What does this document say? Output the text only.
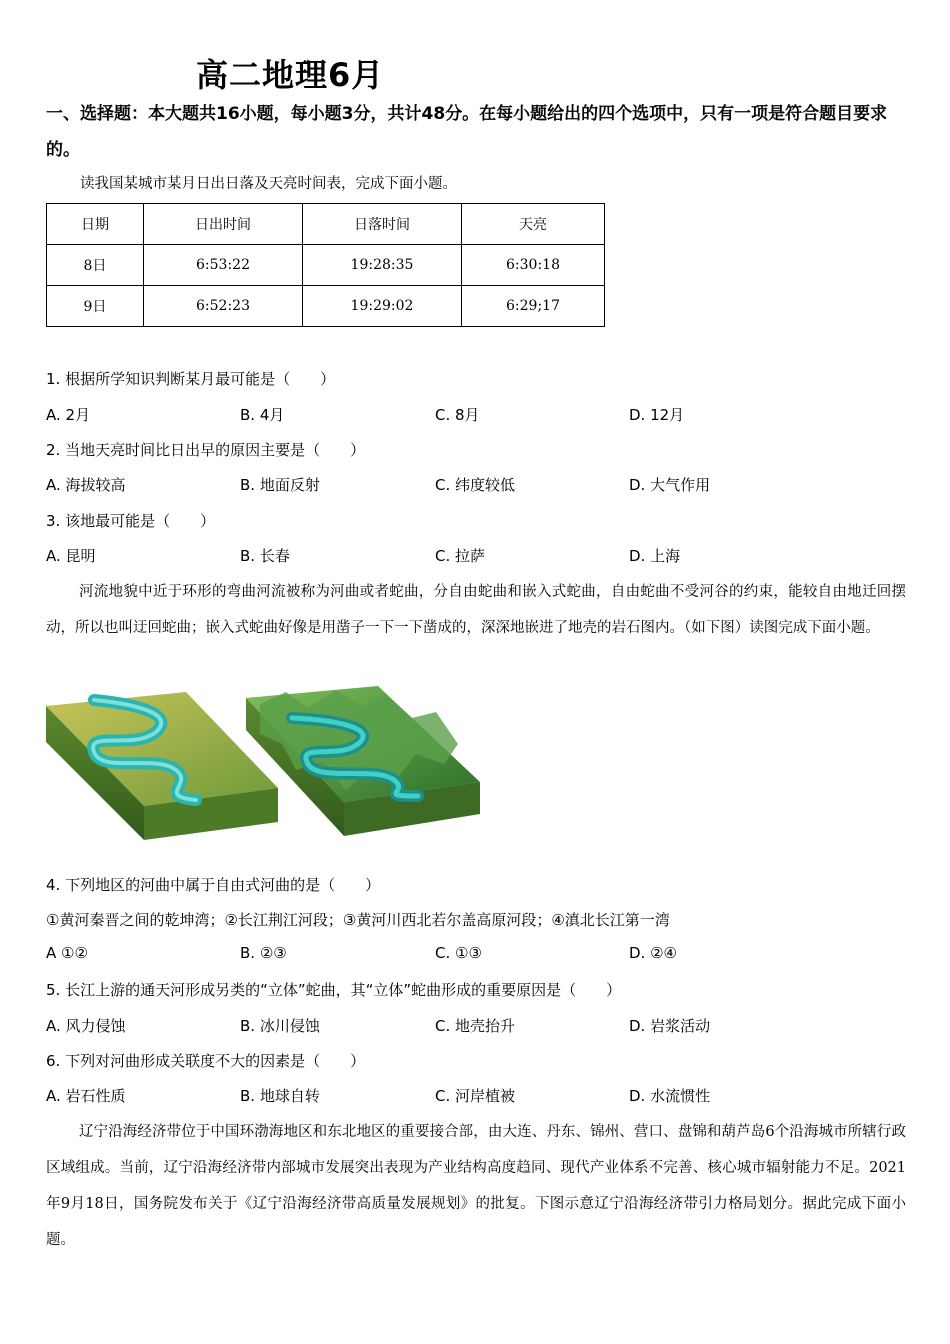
高二地理6月
一、选择题：本大题共16小题，每小题3分，共计48分。在每小题给出的四个选项中，只有一项是符合题目要求的。
读我国某城市某月日出日落及天亮时间表，完成下面小题。
日期	日出时间	日落时间	天亮
8日	6:53:22	19:28:35	6:30:18
9日	6:52:23	19:29:02	6:29;17
1. 根据所学知识判断某月最可能是（　　）
A. 2月	B. 4月	C. 8月	D. 12月
2. 当地天亮时间比日出早的原因主要是（　　）
A. 海拔较高	B. 地面反射	C. 纬度较低	D. 大气作用
3. 该地最可能是（　　）
A. 昆明	B. 长春	C. 拉萨	D. 上海
河流地貌中近于环形的弯曲河流被称为河曲或者蛇曲，分自由蛇曲和嵌入式蛇曲，自由蛇曲不受河谷的约束，能较自由地迁回摆动，所以也叫迂回蛇曲；嵌入式蛇曲好像是用凿子一下一下凿成的，深深地嵌进了地壳的岩石图内。（如下图）读图完成下面小题。
4. 下列地区的河曲中属于自由式河曲的是（　　）
①黄河秦晋之间的乾坤湾；②长江荆江河段；③黄河川西北若尔盖高原河段；④滇北长江第一湾
A ①②	B. ②③	C. ①③	D. ②④
5. 长江上游的通天河形成另类的“立体”蛇曲，其“立体”蛇曲形成的重要原因是（　　）
A. 风力侵蚀	B. 冰川侵蚀	C. 地壳抬升	D. 岩浆活动
6. 下列对河曲形成关联度不大的因素是（　　）
A. 岩石性质	B. 地球自转	C. 河岸植被	D. 水流惯性
辽宁沿海经济带位于中国环渤海地区和东北地区的重要接合部，由大连、丹东、锦州、营口、盘锦和葫芦岛6个沿海城市所辖行政区域组成。当前，辽宁沿海经济带内部城市发展突出表现为产业结构高度趋同、现代产业体系不完善、核心城市辐射能力不足。2021年9月18日，国务院发布关于《辽宁沿海经济带高质量发展规划》的批复。下图示意辽宁沿海经济带引力格局划分。据此完成下面小题。
